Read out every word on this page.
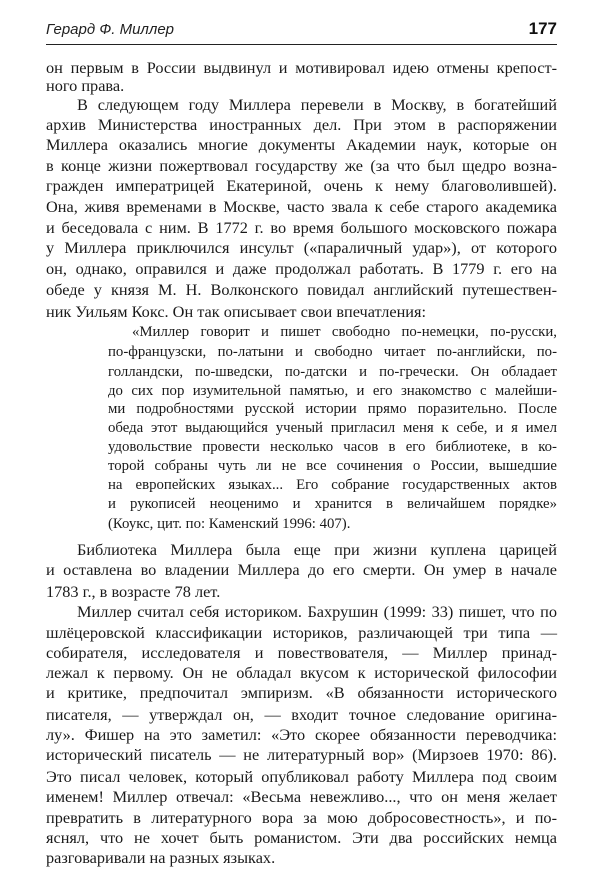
Герард Ф. Миллер	177
он первым в России выдвинул и мотивировал идею отмены крепост-
ного права.
В следующем году Миллера перевели в Москву, в богатейший
архив Министерства иностранных дел. При этом в распоряжении
Миллера оказались многие документы Академии наук, которые он
в конце жизни пожертвовал государству же (за что был щедро возна-
гражден императрицей Екатериной, очень к нему благоволившей).
Она, живя временами в Москве, часто звала к себе старого академика
и беседовала с ним. В 1772 г. во время большого московского пожара
у Миллера приключился инсульт («параличный удар»), от которого
он, однако, оправился и даже продолжал работать. В 1779 г. его на
обеде у князя М. Н. Волконского повидал английский путешествен-
ник Уильям Кокс. Он так описывает свои впечатления:
«Миллер говорит и пишет свободно по-немецки, по-русски,
по-французски, по-латыни и свободно читает по-английски, по-
голландски, по-шведски, по-датски и по-гречески. Он обладает
до сих пор изумительной памятью, и его знакомство с малейши-
ми подробностями русской истории прямо поразительно. После
обеда этот выдающийся ученый пригласил меня к себе, и я имел
удовольствие провести несколько часов в его библиотеке, в ко-
торой собраны чуть ли не все сочинения о России, вышедшие
на европейских языках... Его собрание государственных актов
и рукописей неоценимо и хранится в величайшем порядке»
(Коукс, цит. по: Каменский 1996: 407).
Библиотека Миллера была еще при жизни куплена царицей
и оставлена во владении Миллера до его смерти. Он умер в начале
1783 г., в возрасте 78 лет.
Миллер считал себя историком. Бахрушин (1999: 33) пишет, что по
шлёцеровской классификации историков, различающей три типа —
собирателя, исследователя и повествователя, — Миллер принад-
лежал к первому. Он не обладал вкусом к исторической философии
и критике, предпочитал эмпиризм. «В обязанности исторического
писателя, — утверждал он, — входит точное следование оригина-
лу». Фишер на это заметил: «Это скорее обязанности переводчика:
исторический писатель — не литературный вор» (Мирзоев 1970: 86).
Это писал человек, который опубликовал работу Миллера под своим
именем! Миллер отвечал: «Весьма невежливо..., что он меня желает
превратить в литературного вора за мою добросовестность», и по-
яснял, что не хочет быть романистом. Эти два российских немца
разговаривали на разных языках.
